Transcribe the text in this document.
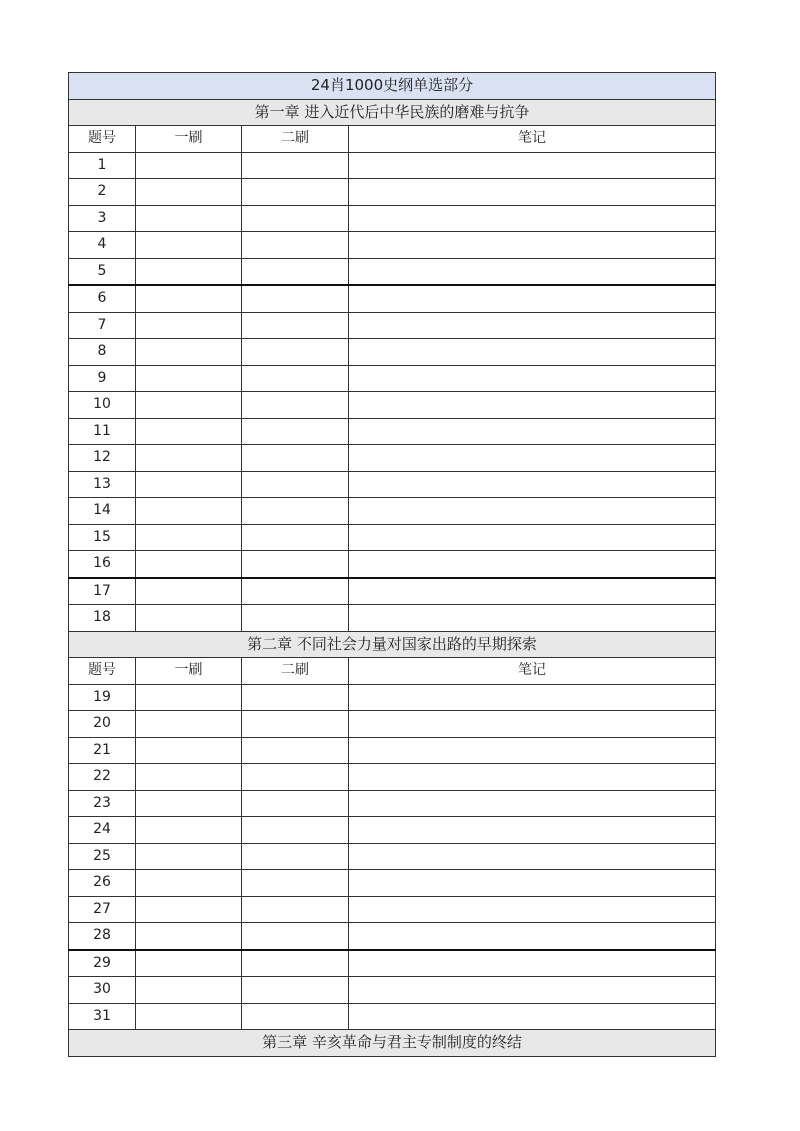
24肖1000史纲单选部分			
第一章 进入近代后中华民族的磨难与抗争			
题号	一刷	二刷	笔记
1			
2			
3			
4			
5			
6			
7			
8			
9			
10			
11			
12			
13			
14			
15			
16			
17			
18			
第二章 不同社会力量对国家出路的早期探索			
题号	一刷	二刷	笔记
19			
20			
21			
22			
23			
24			
25			
26			
27			
28			
29			
30			
31			
第三章 辛亥革命与君主专制制度的终结			
